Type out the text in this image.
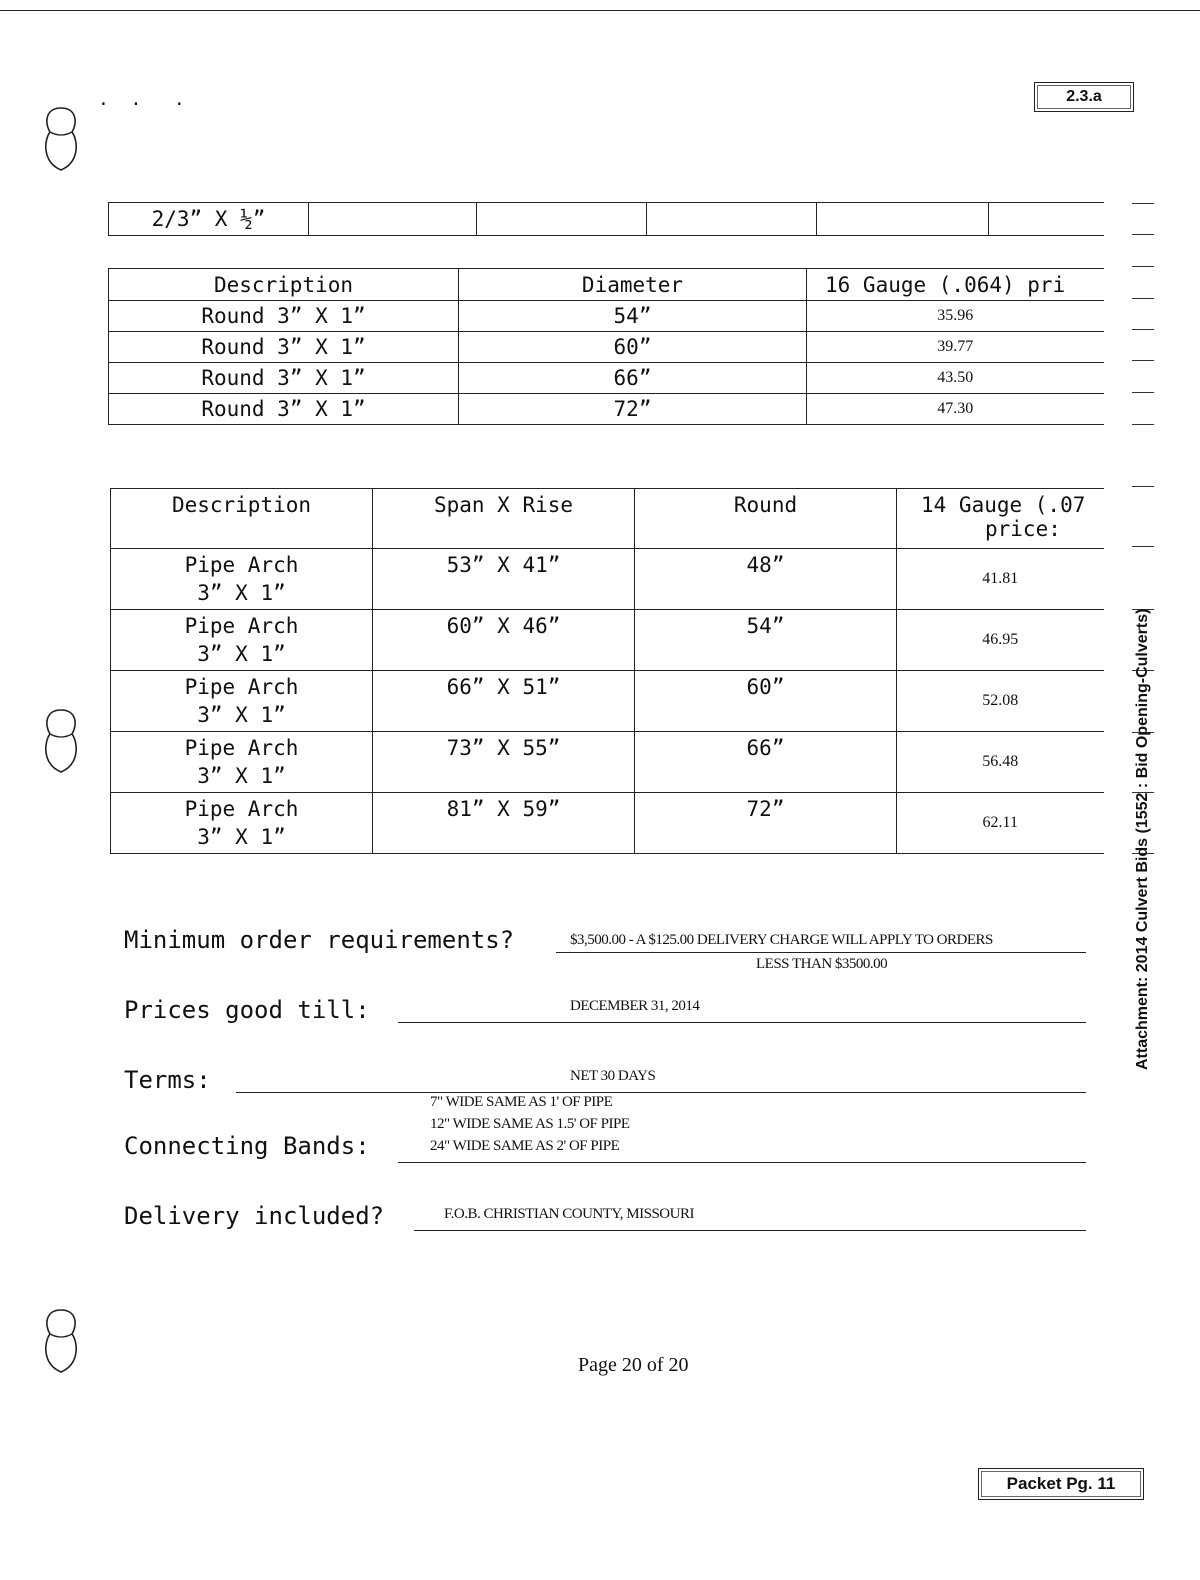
·  ·   ·	2.3.a
2/3” X ½”					
Description	Diameter	16 Gauge (.064) pri
Round 3” X 1”	54”	35.96
Round 3” X 1”	60”	39.77
Round 3” X 1”	66”	43.50
Round 3” X 1”	72”	47.30
Description	Span X Rise	Round	14 Gauge (.07
price:

Pipe Arch
3” X 1”	53” X 41”	48”	41.81

Pipe Arch
3” X 1”	60” X 46”	54”	46.95

Pipe Arch
3” X 1”	66” X 51”	60”	52.08

Pipe Arch
3” X 1”	73” X 55”	66”	56.48

Pipe Arch
3” X 1”	81” X 59”	72”	62.11
Minimum order requirements?	$3,500.00 - A $125.00 DELIVERY CHARGE WILL APPLY TO ORDERS
LESS THAN $3500.00
Prices good till:	DECEMBER 31, 2014
Terms:	NET 30 DAYS
Connecting Bands:
7" WIDE SAME AS 1' OF PIPE
12" WIDE SAME AS 1.5' OF PIPE
24" WIDE SAME AS 2' OF PIPE
Delivery included?	F.O.B. CHRISTIAN COUNTY, MISSOURI
Attachment: 2014 Culvert Bids (1552 : Bid Opening-Culverts)
Page 20 of 20
Packet Pg. 11
